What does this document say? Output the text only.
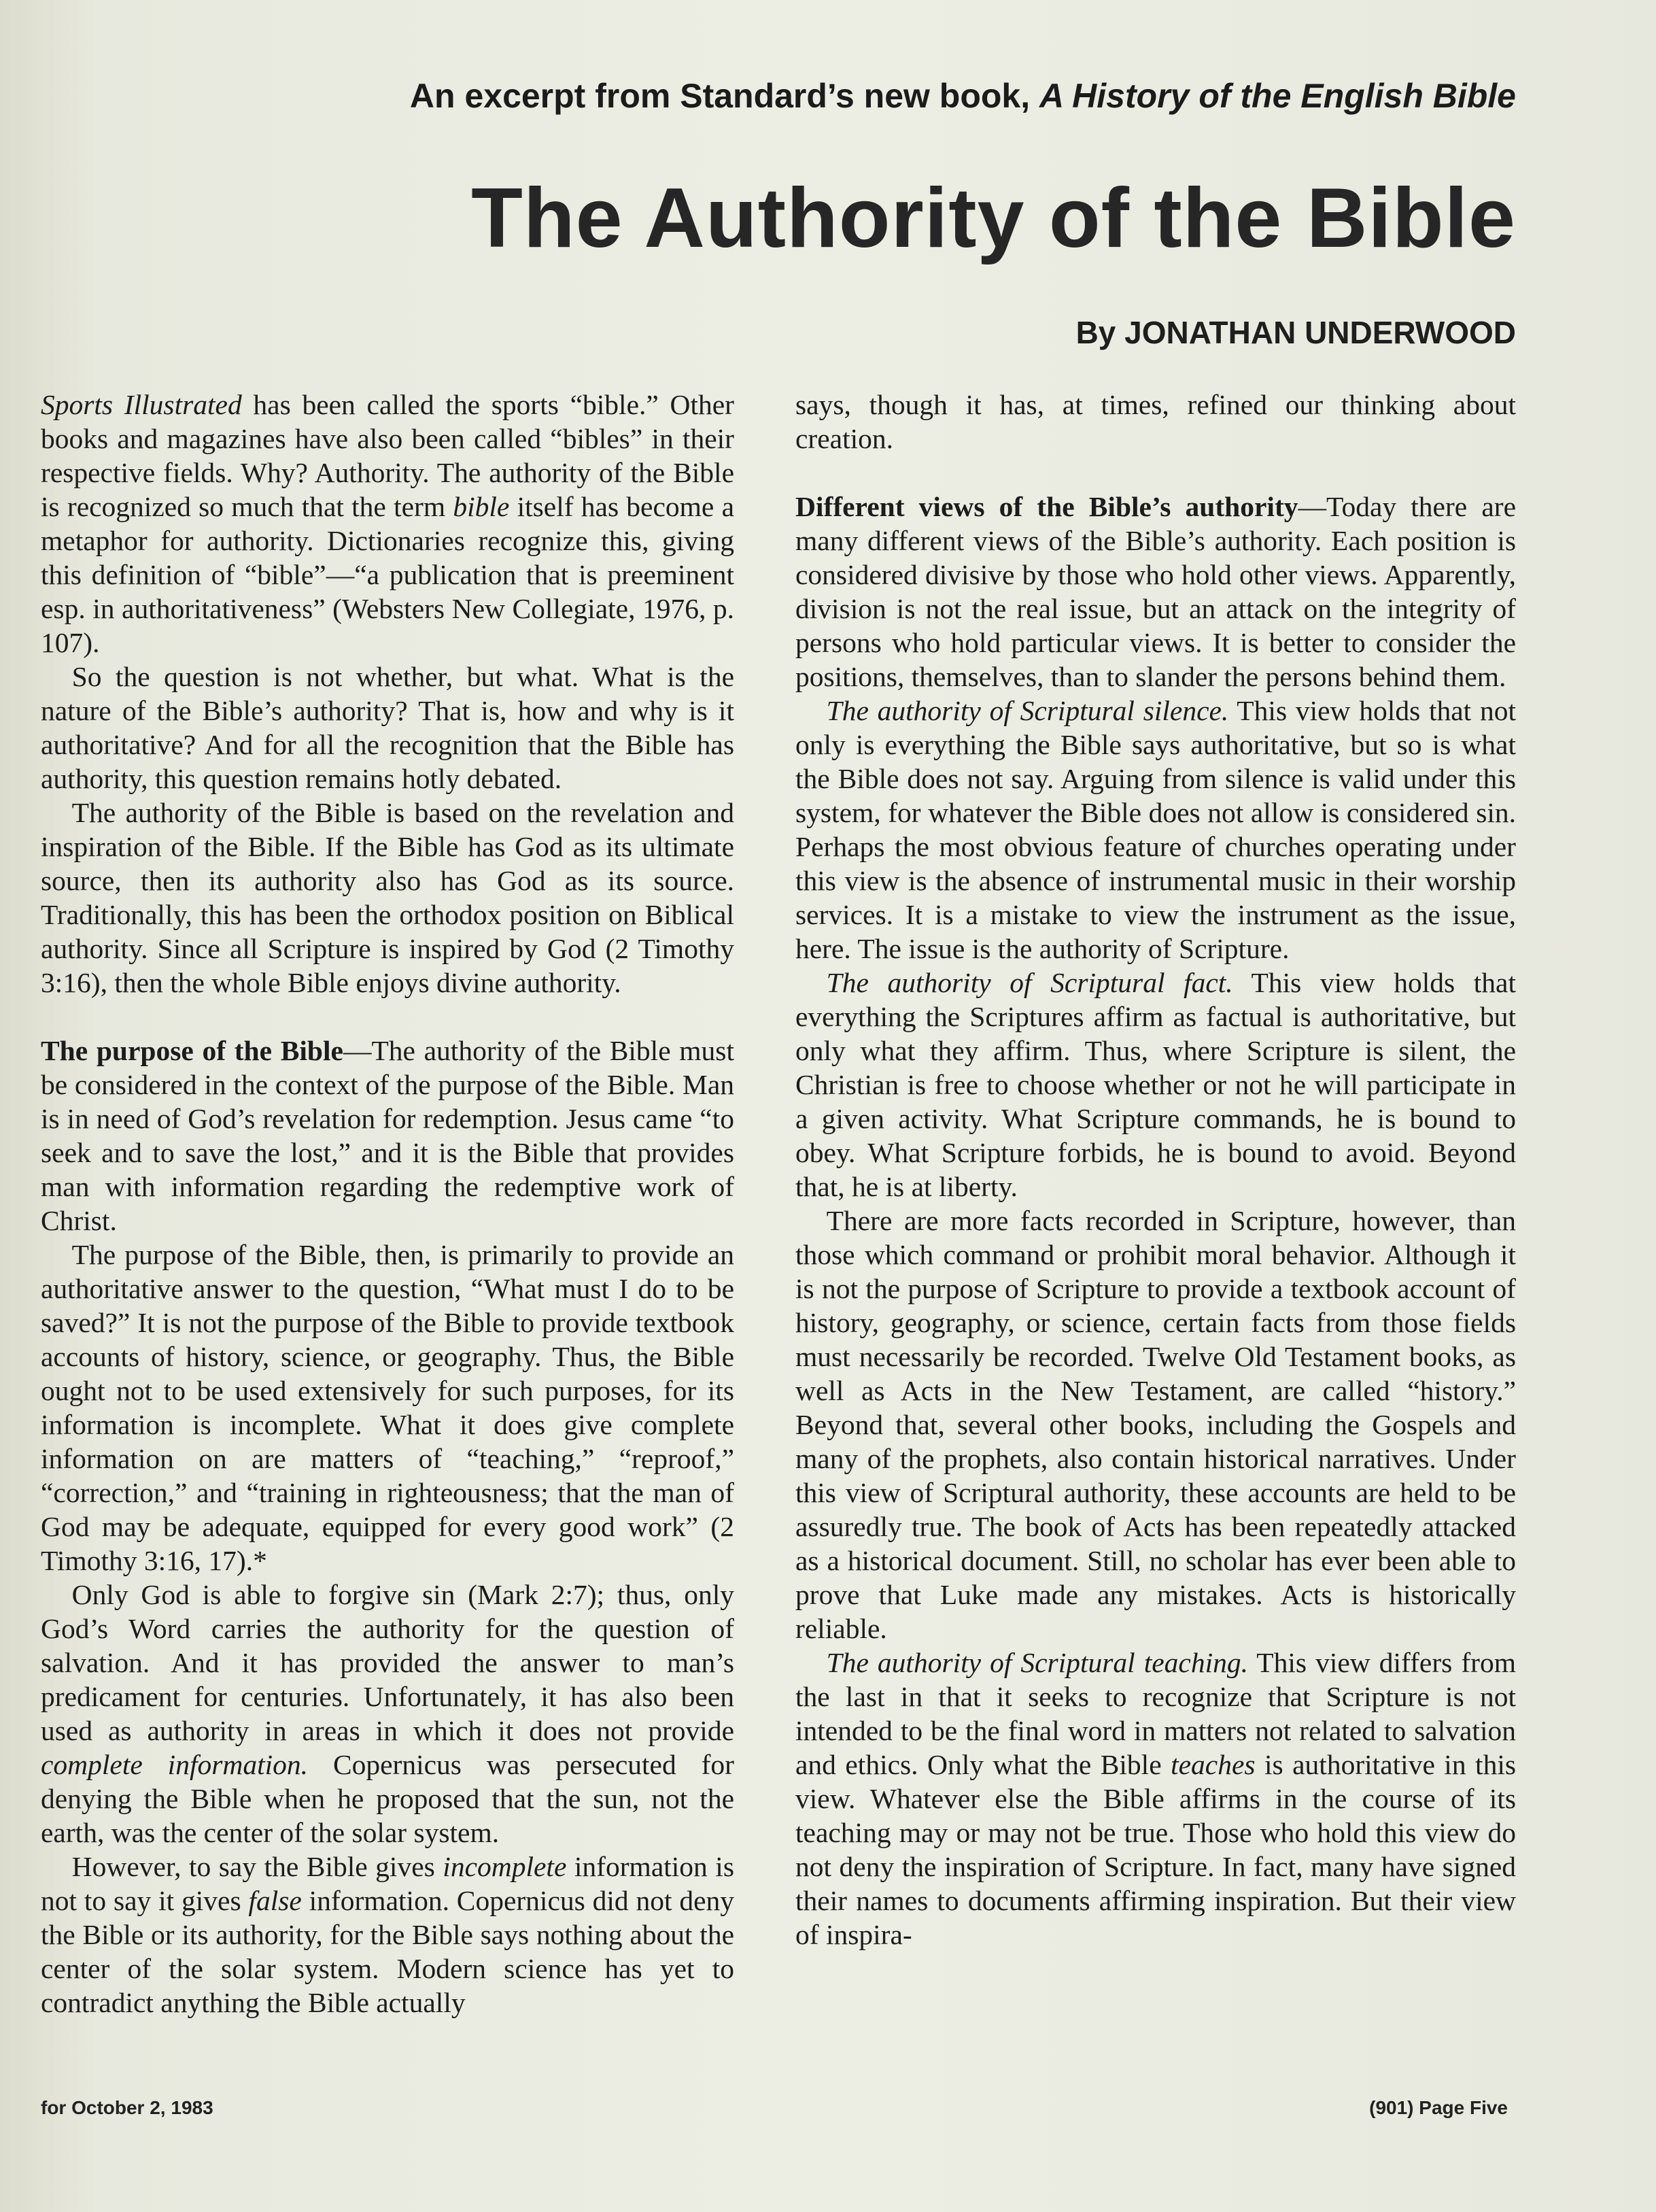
An excerpt from Standard’s new book, A History of the English Bible
The Authority of the Bible
By JONATHAN UNDERWOOD

Sports Illustrated has been called the sports “bible.” Other books and magazines have also been called “bibles” in their respective fields. Why? Authority. The authority of the Bible is recognized so much that the term bible itself has become a metaphor for authority. Dictionaries recognize this, giving this definition of “bible”—“a publication that is preeminent esp. in authoritativeness” (Websters New Collegiate, 1976, p. 107).

So the question is not whether, but what. What is the nature of the Bible’s authority? That is, how and why is it authoritative? And for all the recognition that the Bible has authority, this question remains hotly debated.

The authority of the Bible is based on the revelation and inspiration of the Bible. If the Bible has God as its ultimate source, then its authority also has God as its source. Traditionally, this has been the orthodox position on Biblical authority. Since all Scripture is inspired by God (2 Timothy 3:16), then the whole Bible enjoys divine authority.

The purpose of the Bible—The authority of the Bible must be considered in the context of the purpose of the Bible. Man is in need of God’s revelation for redemption. Jesus came “to seek and to save the lost,” and it is the Bible that provides man with information regarding the redemptive work of Christ.

The purpose of the Bible, then, is primarily to provide an authoritative answer to the question, “What must I do to be saved?” It is not the purpose of the Bible to provide textbook accounts of history, science, or geography. Thus, the Bible ought not to be used extensively for such purposes, for its information is incomplete. What it does give complete information on are matters of “teaching,” “reproof,” “correction,” and “training in righteousness; that the man of God may be adequate, equipped for every good work” (2 Timothy 3:16, 17).*

Only God is able to forgive sin (Mark 2:7); thus, only God’s Word carries the authority for the question of salvation. And it has provided the answer to man’s predicament for centuries. Unfortunately, it has also been used as authority in areas in which it does not provide complete information. Copernicus was persecuted for denying the Bible when he proposed that the sun, not the earth, was the center of the solar system.

However, to say the Bible gives incomplete information is not to say it gives false information. Copernicus did not deny the Bible or its authority, for the Bible says nothing about the center of the solar system. Modern science has yet to contradict anything the Bible actually

says, though it has, at times, refined our thinking about creation.

Different views of the Bible’s authority—Today there are many different views of the Bible’s authority. Each position is considered divisive by those who hold other views. Apparently, division is not the real issue, but an attack on the integrity of persons who hold particular views. It is better to consider the positions, themselves, than to slander the persons behind them.

The authority of Scriptural silence. This view holds that not only is everything the Bible says authoritative, but so is what the Bible does not say. Arguing from silence is valid under this system, for whatever the Bible does not allow is considered sin. Perhaps the most obvious feature of churches operating under this view is the absence of instrumental music in their worship services. It is a mistake to view the instrument as the issue, here. The issue is the authority of Scripture.

The authority of Scriptural fact. This view holds that everything the Scriptures affirm as factual is authoritative, but only what they affirm. Thus, where Scripture is silent, the Christian is free to choose whether or not he will participate in a given activity. What Scripture commands, he is bound to obey. What Scripture forbids, he is bound to avoid. Beyond that, he is at liberty.

There are more facts recorded in Scripture, however, than those which command or prohibit moral behavior. Although it is not the purpose of Scripture to provide a textbook account of history, geography, or science, certain facts from those fields must necessarily be recorded. Twelve Old Testament books, as well as Acts in the New Testament, are called “history.” Beyond that, several other books, including the Gospels and many of the prophets, also contain historical narratives. Under this view of Scriptural authority, these accounts are held to be assuredly true. The book of Acts has been repeatedly attacked as a historical document. Still, no scholar has ever been able to prove that Luke made any mistakes. Acts is historically reliable.

The authority of Scriptural teaching. This view differs from the last in that it seeks to recognize that Scripture is not intended to be the final word in matters not related to salvation and ethics. Only what the Bible teaches is authoritative in this view. Whatever else the Bible affirms in the course of its teaching may or may not be true. Those who hold this view do not deny the inspiration of Scripture. In fact, many have signed their names to documents affirming inspiration. But their view of inspira-

for October 2, 1983	(901) Page Five
